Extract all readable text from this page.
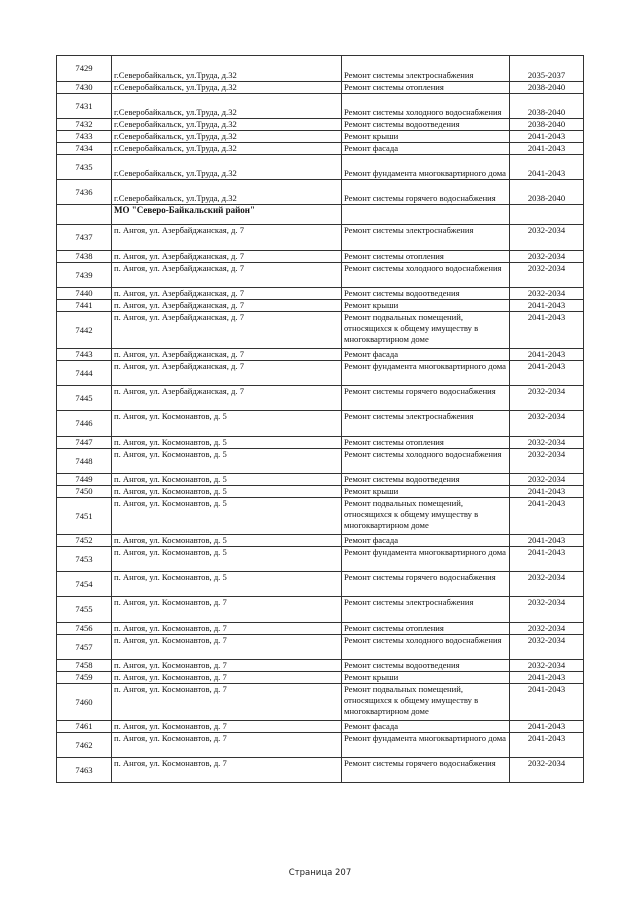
7429	г.Северобайкальск, ул.Труда, д.32	Ремонт системы электроснабжения	2035-2037
7430	г.Северобайкальск, ул.Труда, д.32	Ремонт системы отопления	2038-2040
7431	г.Северобайкальск, ул.Труда, д.32	Ремонт системы холодного водоснабжения	2038-2040
7432	г.Северобайкальск, ул.Труда, д.32	Ремонт системы водоотведения	2038-2040
7433	г.Северобайкальск, ул.Труда, д.32	Ремонт крыши	2041-2043
7434	г.Северобайкальск, ул.Труда, д.32	Ремонт фасада	2041-2043
7435	г.Северобайкальск, ул.Труда, д.32	Ремонт фундамента многоквартирного дома	2041-2043
7436	г.Северобайкальск, ул.Труда, д.32	Ремонт системы горячего водоснабжения	2038-2040
	МО "Северо-Байкальский район"		
7437	п. Ангоя, ул. Азербайджанская, д. 7	Ремонт системы электроснабжения	2032-2034
7438	п. Ангоя, ул. Азербайджанская, д. 7	Ремонт системы отопления	2032-2034
7439	п. Ангоя, ул. Азербайджанская, д. 7	Ремонт системы холодного водоснабжения	2032-2034
7440	п. Ангоя, ул. Азербайджанская, д. 7	Ремонт системы водоотведения	2032-2034
7441	п. Ангоя, ул. Азербайджанская, д. 7	Ремонт крыши	2041-2043
7442	п. Ангоя, ул. Азербайджанская, д. 7	Ремонт подвальных помещений, относящихся к общему имуществу в многоквартирном доме	2041-2043
7443	п. Ангоя, ул. Азербайджанская, д. 7	Ремонт фасада	2041-2043
7444	п. Ангоя, ул. Азербайджанская, д. 7	Ремонт фундамента многоквартирного дома	2041-2043
7445	п. Ангоя, ул. Азербайджанская, д. 7	Ремонт системы горячего водоснабжения	2032-2034
7446	п. Ангоя, ул. Космонавтов, д. 5	Ремонт системы электроснабжения	2032-2034
7447	п. Ангоя, ул. Космонавтов, д. 5	Ремонт системы отопления	2032-2034
7448	п. Ангоя, ул. Космонавтов, д. 5	Ремонт системы холодного водоснабжения	2032-2034
7449	п. Ангоя, ул. Космонавтов, д. 5	Ремонт системы водоотведения	2032-2034
7450	п. Ангоя, ул. Космонавтов, д. 5	Ремонт крыши	2041-2043
7451	п. Ангоя, ул. Космонавтов, д. 5	Ремонт подвальных помещений, относящихся к общему имуществу в многоквартирном доме	2041-2043
7452	п. Ангоя, ул. Космонавтов, д. 5	Ремонт фасада	2041-2043
7453	п. Ангоя, ул. Космонавтов, д. 5	Ремонт фундамента многоквартирного дома	2041-2043
7454	п. Ангоя, ул. Космонавтов, д. 5	Ремонт системы горячего водоснабжения	2032-2034
7455	п. Ангоя, ул. Космонавтов, д. 7	Ремонт системы электроснабжения	2032-2034
7456	п. Ангоя, ул. Космонавтов, д. 7	Ремонт системы отопления	2032-2034
7457	п. Ангоя, ул. Космонавтов, д. 7	Ремонт системы холодного водоснабжения	2032-2034
7458	п. Ангоя, ул. Космонавтов, д. 7	Ремонт системы водоотведения	2032-2034
7459	п. Ангоя, ул. Космонавтов, д. 7	Ремонт крыши	2041-2043
7460	п. Ангоя, ул. Космонавтов, д. 7	Ремонт подвальных помещений, относящихся к общему имуществу в многоквартирном доме	2041-2043
7461	п. Ангоя, ул. Космонавтов, д. 7	Ремонт фасада	2041-2043
7462	п. Ангоя, ул. Космонавтов, д. 7	Ремонт фундамента многоквартирного дома	2041-2043
7463	п. Ангоя, ул. Космонавтов, д. 7	Ремонт системы горячего водоснабжения	2032-2034
Страница 207
